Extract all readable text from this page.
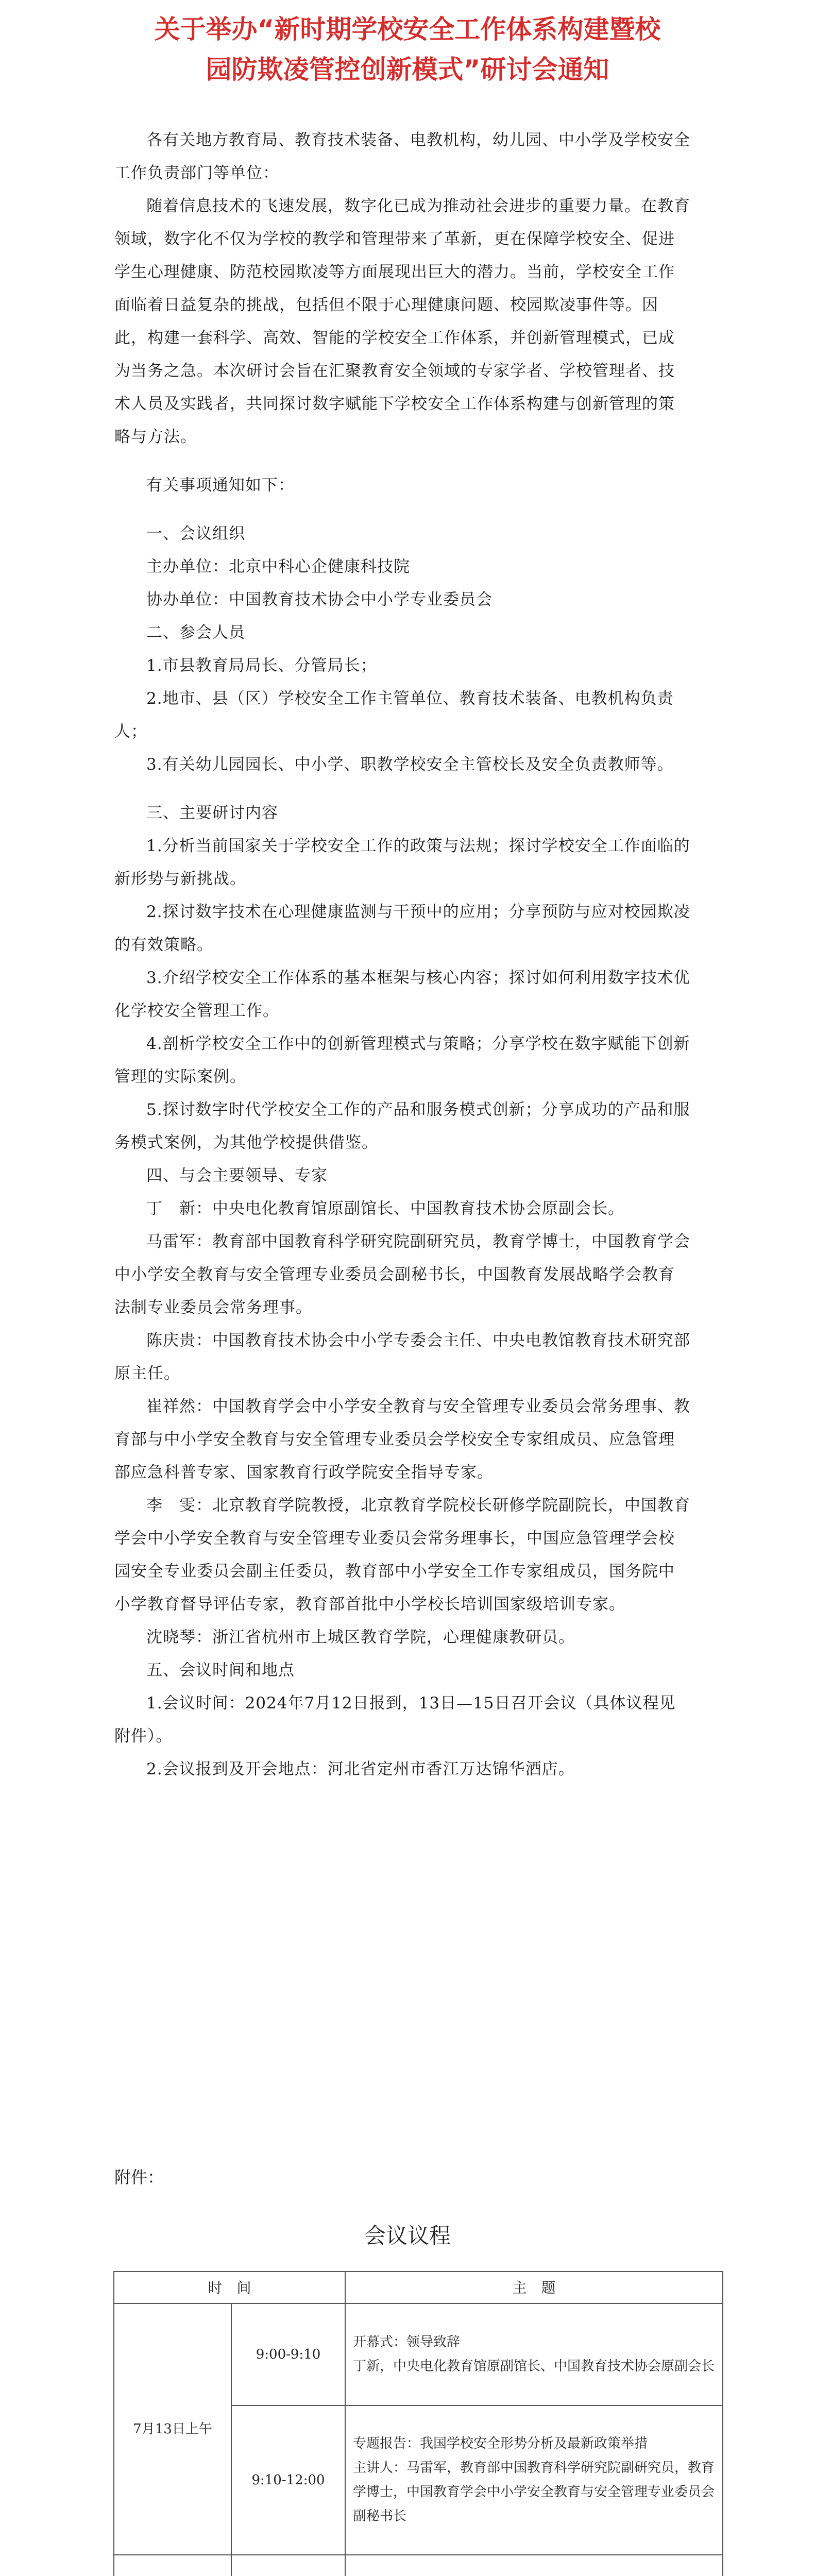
关于举办“新时期学校安全工作体系构建暨校
园防欺凌管控创新模式”研讨会通知

各有关地方教育局、教育技术装备、电教机构，幼儿园、中小学及学校安全工作负责部门等单位：

随着信息技术的飞速发展，数字化已成为推动社会进步的重要力量。在教育领域，数字化不仅为学校的教学和管理带来了革新，更在保障学校安全、促进学生心理健康、防范校园欺凌等方面展现出巨大的潜力。当前，学校安全工作面临着日益复杂的挑战，包括但不限于心理健康问题、校园欺凌事件等。因此，构建一套科学、高效、智能的学校安全工作体系，并创新管理模式，已成为当务之急。本次研讨会旨在汇聚教育安全领域的专家学者、学校管理者、技术人员及实践者，共同探讨数字赋能下学校安全工作体系构建与创新管理的策略与方法。

有关事项通知如下：

一、会议组织

主办单位：北京中科心企健康科技院

协办单位：中国教育技术协会中小学专业委员会

二、参会人员

1.市县教育局局长、分管局长；

2.地市、县（区）学校安全工作主管单位、教育技术装备、电教机构负责人；

3.有关幼儿园园长、中小学、职教学校安全主管校长及安全负责教师等。

三、主要研讨内容

1.分析当前国家关于学校安全工作的政策与法规；探讨学校安全工作面临的新形势与新挑战。

2.探讨数字技术在心理健康监测与干预中的应用；分享预防与应对校园欺凌的有效策略。

3.介绍学校安全工作体系的基本框架与核心内容；探讨如何利用数字技术优化学校安全管理工作。

4.剖析学校安全工作中的创新管理模式与策略；分享学校在数字赋能下创新管理的实际案例。

5.探讨数字时代学校安全工作的产品和服务模式创新；分享成功的产品和服务模式案例，为其他学校提供借鉴。

四、与会主要领导、专家

丁　新：中央电化教育馆原副馆长、中国教育技术协会原副会长。

马雷军：教育部中国教育科学研究院副研究员，教育学博士，中国教育学会中小学安全教育与安全管理专业委员会副秘书长，中国教育发展战略学会教育法制专业委员会常务理事。

陈庆贵：中国教育技术协会中小学专委会主任、中央电教馆教育技术研究部原主任。

崔祥然：中国教育学会中小学安全教育与安全管理专业委员会常务理事、教育部与中小学安全教育与安全管理专业委员会学校安全专家组成员、应急管理部应急科普专家、国家教育行政学院安全指导专家。

李　雯：北京教育学院教授，北京教育学院校长研修学院副院长，中国教育学会中小学安全教育与安全管理专业委员会常务理事长，中国应急管理学会校园安全专业委员会副主任委员，教育部中小学安全工作专家组成员，国务院中小学教育督导评估专家，教育部首批中小学校长培训国家级培训专家。

沈晓琴：浙江省杭州市上城区教育学院，心理健康教研员。

五、会议时间和地点

1.会议时间：2024年7月12日报到，13日—15日召开会议（具体议程见附件）。

2.会议报到及开会地点：河北省定州市香江万达锦华酒店。

附件：
会议议程
时　间		主　题
7月13日上午	9:00-9:10	开幕式：领导致辞

丁新，中央电化教育馆原副馆长、中国教育技术协会原副会长

	9:10-12:00	专题报告：我国学校安全形势分析及最新政策举措

主讲人：马雷军，教育部中国教育科学研究院副研究员，教育学博士，中国教育学会中小学安全教育与安全管理专业委员会副秘书长
